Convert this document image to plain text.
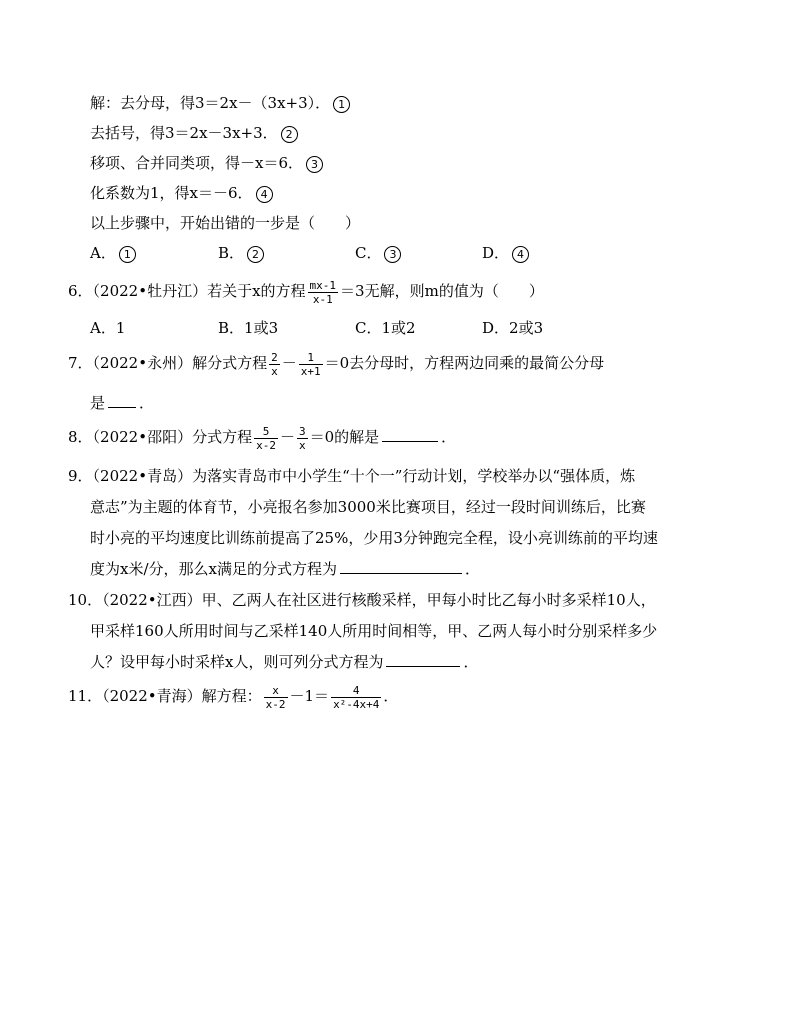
解：去分母，得3＝2x－（3x+3）． 1
去括号，得3＝2x－3x+3． 2
移项、合并同类项，得－x＝6． 3
化系数为1，得x＝－6． 4
以上步骤中，开始出错的一步是（　　）
A． 1	B． 2	C． 3	D． 4
6．（2022•牡丹江）若关于x的方程 $\frac{mx-1}{x-1} =3$无解，则m的值为（　　）
A．1	B．1或3	C．1或2	D．2或3
7．（2022•永州）解分式方程 $\frac{2}{x} - \frac{1}{x+1} =0$去分母时，方程两边同乘的最简公分母
是 ．
8．（2022•邵阳）分式方程 $\frac{5}{x-2} - \frac{3}{x} =0$的解是	．
9．（2022•青岛）为落实青岛市中小学生“十个一”行动计划，学校举办以“强体质，炼
意志”为主题的体育节，小亮报名参加3000米比赛项目，经过一段时间训练后，比赛
时小亮的平均速度比训练前提高了25%，少用3分钟跑完全程，设小亮训练前的平均速
度为x米/分，那么x满足的分式方程为	．
10．（2022•江西）甲、乙两人在社区进行核酸采样，甲每小时比乙每小时多采样10人，
甲采样160人所用时间与乙采样140人所用时间相等，甲、乙两人每小时分别采样多少
人？设甲每小时采样x人，则可列分式方程为	．
11．（2022•青海）解方程： $\frac{x}{x-2} -1= \frac{4}{\text{x²-4x+4}}$ ．
